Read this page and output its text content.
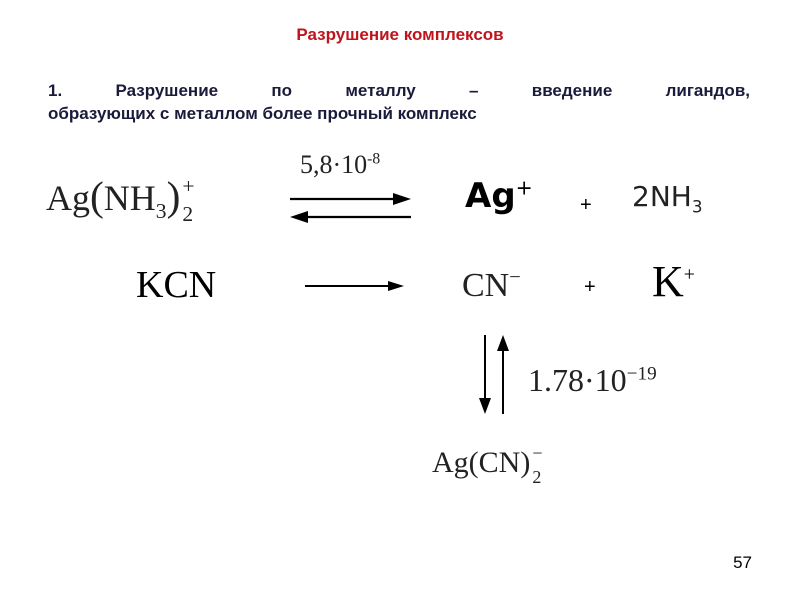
Разрушение комплексов
1. Разрушение по металлу – введение лигандов,
образующих с металлом более прочный комплекс
$Ag(NH_3)$ +
2
$5,8\cdot 10^{-8}$
Ag+
+ $2NH_3$
KCN	CN−	+ K+
$1.78\cdot 10^{-19}$
Ag(CN) −
2
57
